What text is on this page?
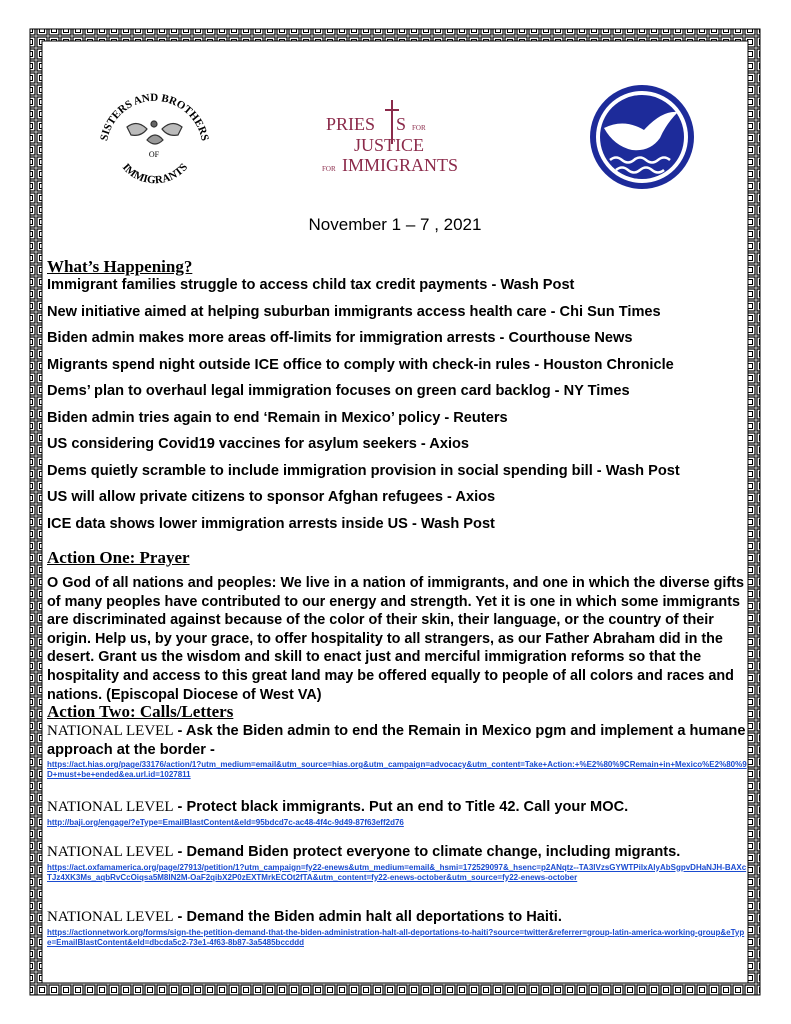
SISTERS AND BROTHERS
IMMIGRANTS
OF
PRIES S FOR
JUSTICE
FOR IMMIGRANTS
November 1 – 7 , 2021
What’s Happening?
Immigrant families struggle to access child tax credit payments - Wash Post
New initiative aimed at helping suburban immigrants access health care - Chi Sun Times
Biden admin makes more areas off-limits for immigration arrests - Courthouse News
Migrants spend night outside ICE office to comply with check-in rules - Houston Chronicle
Dems’ plan to overhaul legal immigration focuses on green card backlog - NY Times
Biden admin tries again to end ‘Remain in Mexico’ policy - Reuters
US considering Covid19 vaccines for asylum seekers - Axios
Dems quietly scramble to include immigration provision in social spending bill - Wash Post
US will allow private citizens to sponsor Afghan refugees - Axios
ICE data shows lower immigration arrests inside US - Wash Post
Action One: Prayer
O God of all nations and peoples: We live in a nation of immigrants, and one in which the diverse gifts of many peoples have contributed to our energy and strength. Yet it is one in which some immigrants are discriminated against because of the color of their skin, their language, or the country of their origin. Help us, by your grace, to offer hospitality to all strangers, as our Father Abraham did in the desert. Grant us the wisdom and skill to enact just and merciful immigration reforms so that the hospitality and access to this great land may be offered equally to people of all colors and races and nations. (Episcopal Diocese of West VA)
Action Two: Calls/Letters
NATIONAL LEVEL - Ask the Biden admin to end the Remain in Mexico pgm and implement a humane approach at the border -
https://act.hias.org/page/33176/action/1?utm_medium=email&utm_source=hias.org&utm_campaign=advocacy&utm_content=Take+Action:+%E2%80%9CRemain+in+Mexico%E2%80%9D+must+be+ended&ea.url.id=1027811
NATIONAL LEVEL - Protect black immigrants. Put an end to Title 42. Call your MOC.
http://baji.org/engage/?eType=EmailBlastContent&eId=95bdcd7c-ac48-4f4c-9d49-87f63eff2d76
NATIONAL LEVEL - Demand Biden protect everyone to climate change, including migrants.
https://act.oxfamamerica.org/page/27913/petition/1?utm_campaign=fy22-enews&utm_medium=email&_hsmi=172529097&_hsenc=p2ANqtz--TA3lVzsGYWTPiIxAlyAbSgpvDHaNJH-BAXcTJz4XK3Ms_aqbRvCcOiqsa5M8IN2M-OaF2qibX2P0zEXTMrkECOt2fTA&utm_content=fy22-enews-october&utm_source=fy22-enews-october
NATIONAL LEVEL - Demand the Biden admin halt all deportations to Haiti.
https://actionnetwork.org/forms/sign-the-petition-demand-that-the-biden-administration-halt-all-deportations-to-haiti?source=twitter&referrer=group-latin-america-working-group&eType=EmailBlastContent&eId=dbcda5c2-73e1-4f63-8b87-3a5485bccddd
